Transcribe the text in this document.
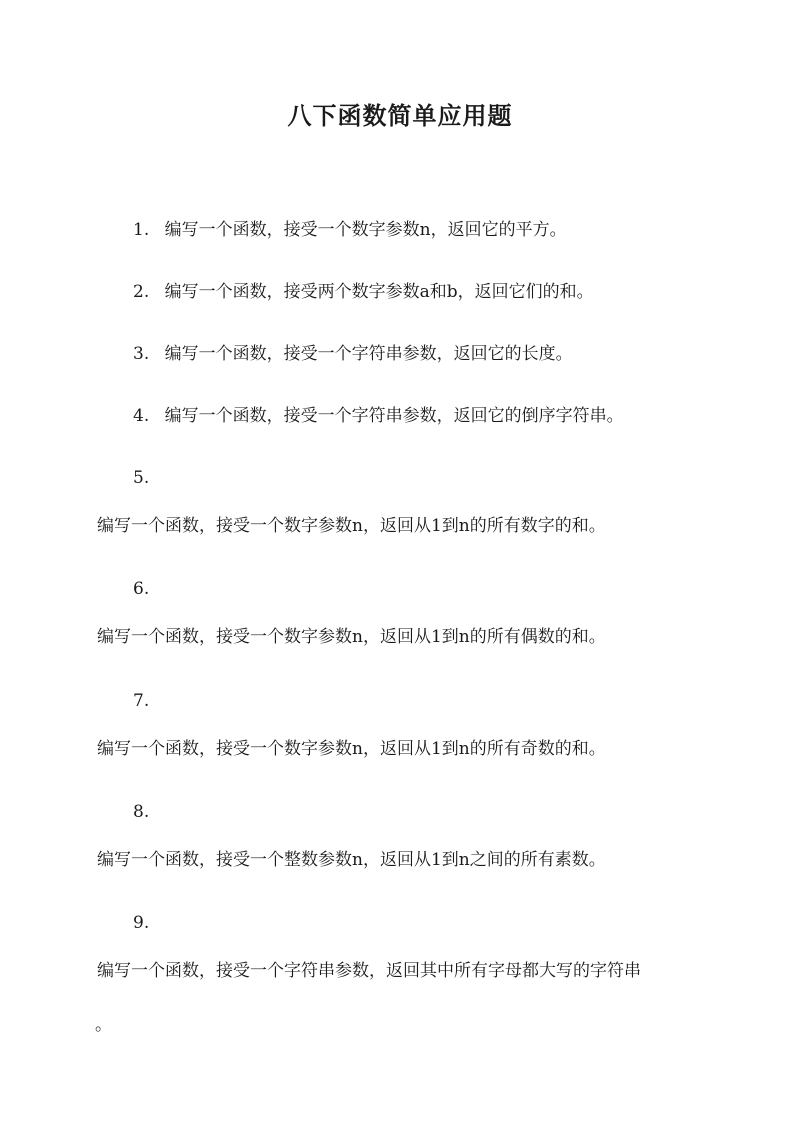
八下函数简单应用题
1. 编写一个函数，接受一个数字参数n，返回它的平方。
2. 编写一个函数，接受两个数字参数a和b，返回它们的和。
3. 编写一个函数，接受一个字符串参数，返回它的长度。
4. 编写一个函数，接受一个字符串参数，返回它的倒序字符串。
5.
编写一个函数，接受一个数字参数n，返回从1到n的所有数字的和。
6.
编写一个函数，接受一个数字参数n，返回从1到n的所有偶数的和。
7.
编写一个函数，接受一个数字参数n，返回从1到n的所有奇数的和。
8.
编写一个函数，接受一个整数参数n，返回从1到n之间的所有素数。
9.
编写一个函数，接受一个字符串参数，返回其中所有字母都大写的字符串
。
